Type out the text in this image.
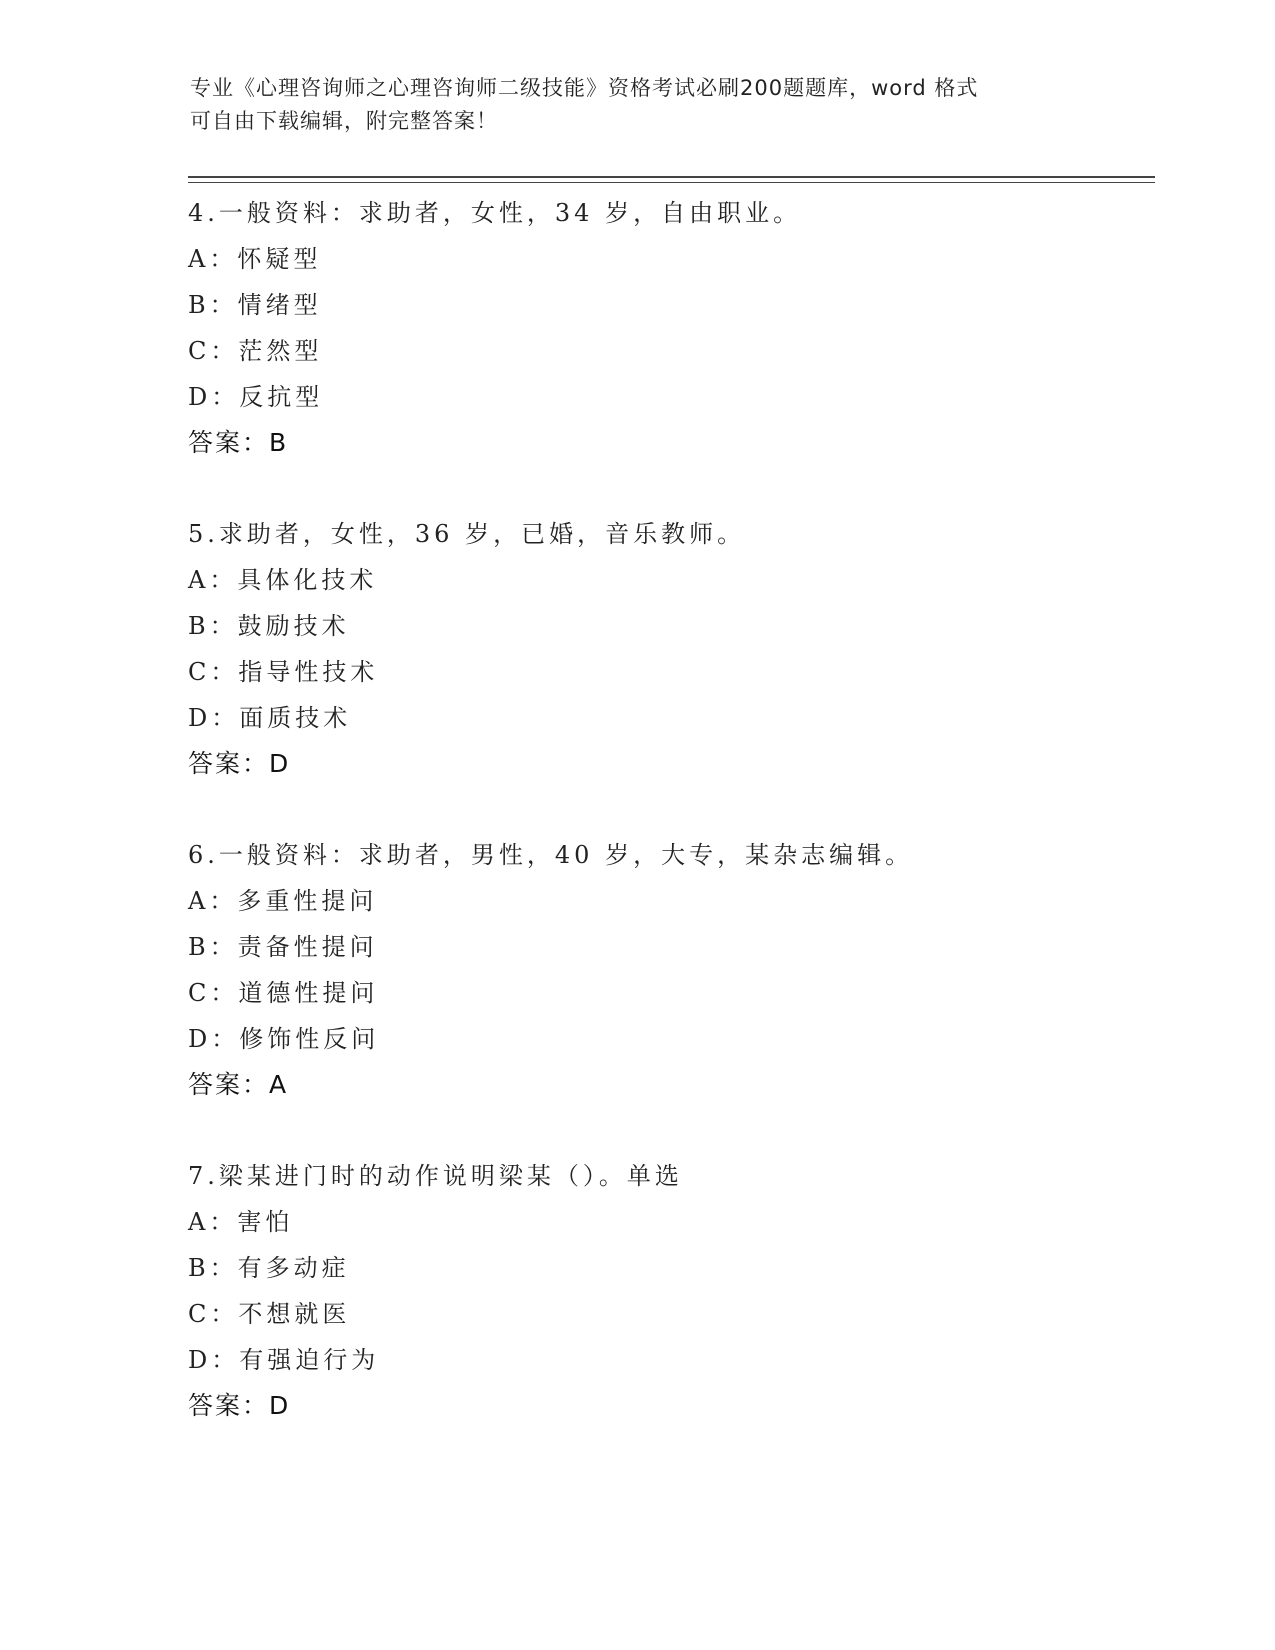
专业《心理咨询师之心理咨询师二级技能》资格考试必刷200题题库，word 格式
可自由下载编辑，附完整答案！
4.一般资料：求助者，女性，34 岁，自由职业。
A：怀疑型
B：情绪型
C：茫然型
D：反抗型
答案：B
5.求助者，女性，36 岁，已婚，音乐教师。
A：具体化技术
B：鼓励技术
C：指导性技术
D：面质技术
答案：D
6.一般资料：求助者，男性，40 岁，大专，某杂志编辑。
A：多重性提问
B：责备性提问
C：道德性提问
D：修饰性反问
答案：A
7.梁某进门时的动作说明梁某（）。单选
A：害怕
B：有多动症
C：不想就医
D：有强迫行为
答案：D
